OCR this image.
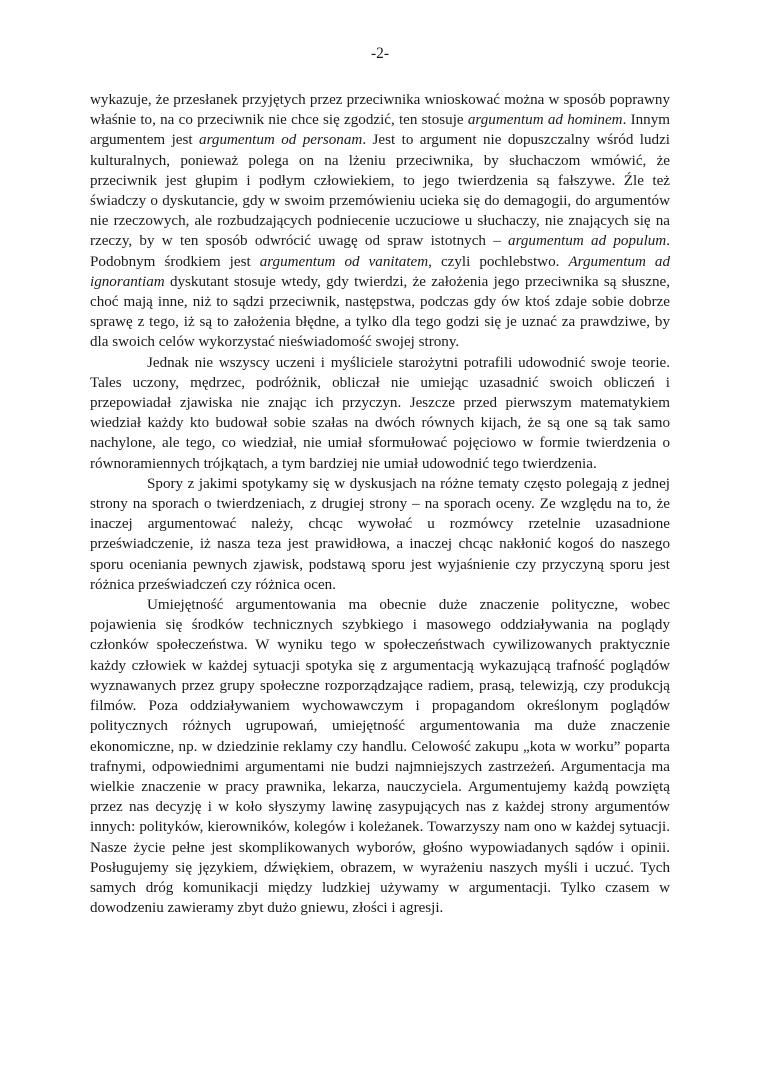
-2-

wykazuje, że przesłanek przyjętych przez przeciwnika wnioskować można w sposób poprawny właśnie to, na co przeciwnik nie chce się zgodzić, ten stosuje argumentum ad hominem. Innym argumentem jest argumentum od personam. Jest to argument nie dopuszczalny wśród ludzi kulturalnych, ponieważ polega on na lżeniu przeciwnika, by słuchaczom wmówić, że przeciwnik jest głupim i podłym człowiekiem, to jego twierdzenia są fałszywe. Źle też świadczy o dyskutancie, gdy w swoim przemówieniu ucieka się do demagogii, do argumentów nie rzeczowych, ale rozbudzających podniecenie uczuciowe u słuchaczy, nie znających się na rzeczy, by w ten sposób odwrócić uwagę od spraw istotnych – argumentum ad populum. Podobnym środkiem jest argumentum od vanitatem, czyli pochlebstwo. Argumentum ad ignorantiam dyskutant stosuje wtedy, gdy twierdzi, że założenia jego przeciwnika są słuszne, choć mają inne, niż to sądzi przeciwnik, następstwa, podczas gdy ów ktoś zdaje sobie dobrze sprawę z tego, iż są to założenia błędne, a tylko dla tego godzi się je uznać za prawdziwe, by dla swoich celów wykorzystać nieświadomość swojej strony.

Jednak nie wszyscy uczeni i myśliciele starożytni potrafili udowodnić swoje teorie. Tales uczony, mędrzec, podróżnik, obliczał nie umiejąc uzasadnić swoich obliczeń i przepowiadał zjawiska nie znając ich przyczyn. Jeszcze przed pierwszym matematykiem wiedział każdy kto budował sobie szałas na dwóch równych kijach, że są one są tak samo nachylone, ale tego, co wiedział, nie umiał sformułować pojęciowo w formie twierdzenia o równoramiennych trójkątach, a tym bardziej nie umiał udowodnić tego twierdzenia.

Spory z jakimi spotykamy się w dyskusjach na różne tematy często polegają z jednej strony na sporach o twierdzeniach, z drugiej strony – na sporach oceny. Ze względu na to, że inaczej argumentować należy, chcąc wywołać u rozmówcy rzetelnie uzasadnione przeświadczenie, iż nasza teza jest prawidłowa, a inaczej chcąc nakłonić kogoś do naszego sporu oceniania pewnych zjawisk, podstawą sporu jest wyjaśnienie czy przyczyną sporu jest różnica przeświadczeń czy różnica ocen.

Umiejętność argumentowania ma obecnie duże znaczenie polityczne, wobec pojawienia się środków technicznych szybkiego i masowego oddziaływania na poglądy członków społeczeństwa. W wyniku tego w społeczeństwach cywilizowanych praktycznie każdy człowiek w każdej sytuacji spotyka się z argumentacją wykazującą trafność poglądów wyznawanych przez grupy społeczne rozporządzające radiem, prasą, telewizją, czy produkcją filmów. Poza oddziaływaniem wychowawczym i propagandom określonym poglądów politycznych różnych ugrupowań, umiejętność argumentowania ma duże znaczenie ekonomiczne, np. w dziedzinie reklamy czy handlu. Celowość zakupu „kota w worku” poparta trafnymi, odpowiednimi argumentami nie budzi najmniejszych zastrzeżeń. Argumentacja ma wielkie znaczenie w pracy prawnika, lekarza, nauczyciela. Argumentujemy każdą powziętą przez nas decyzję i w koło słyszymy lawinę zasypujących nas z każdej strony argumentów innych: polityków, kierowników, kolegów i koleżanek. Towarzyszy nam ono w każdej sytuacji. Nasze życie pełne jest skomplikowanych wyborów, głośno wypowiadanych sądów i opinii. Posługujemy się językiem, dźwiękiem, obrazem, w wyrażeniu naszych myśli i uczuć. Tych samych dróg komunikacji między ludzkiej używamy w argumentacji. Tylko czasem w dowodzeniu zawieramy zbyt dużo gniewu, złości i agresji.
